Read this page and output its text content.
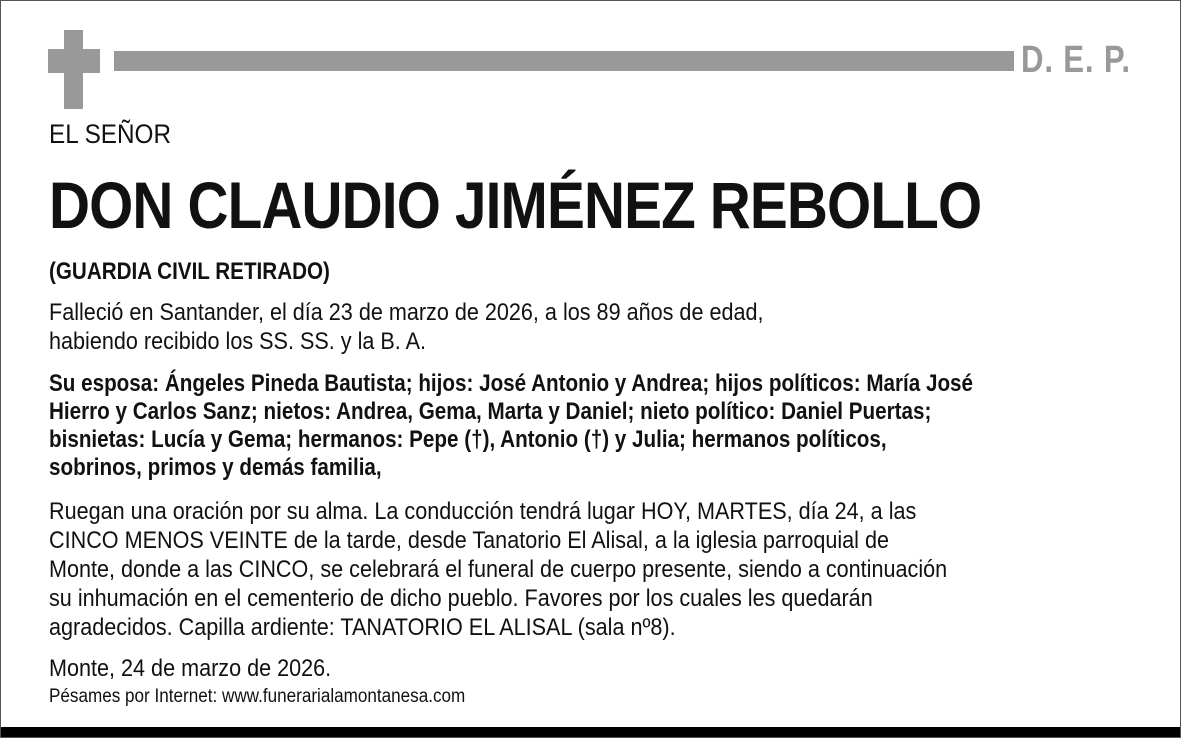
D. E. P.
EL SEÑOR
DON CLAUDIO JIMÉNEZ REBOLLO
(GUARDIA CIVIL RETIRADO)
Falleció en Santander, el día 23 de marzo de 2026, a los 89 años de edad,
habiendo recibido los SS. SS. y la B. A.
Su esposa: Ángeles Pineda Bautista; hijos: José Antonio y Andrea; hijos políticos: María José
Hierro y Carlos Sanz; nietos: Andrea, Gema, Marta y Daniel; nieto político: Daniel Puertas;
bisnietas: Lucía y Gema; hermanos: Pepe (†), Antonio (†) y Julia; hermanos políticos,
sobrinos, primos y demás familia,
Ruegan una oración por su alma. La conducción tendrá lugar HOY, MARTES, día 24, a las
CINCO MENOS VEINTE de la tarde, desde Tanatorio El Alisal, a la iglesia parroquial de
Monte, donde a las CINCO, se celebrará el funeral de cuerpo presente, siendo a continuación
su inhumación en el cementerio de dicho pueblo. Favores por los cuales les quedarán
agradecidos. Capilla ardiente: TANATORIO EL ALISAL (sala nº8).
Monte, 24 de marzo de 2026.
Pésames por Internet: www.funerarialamontanesa.com
